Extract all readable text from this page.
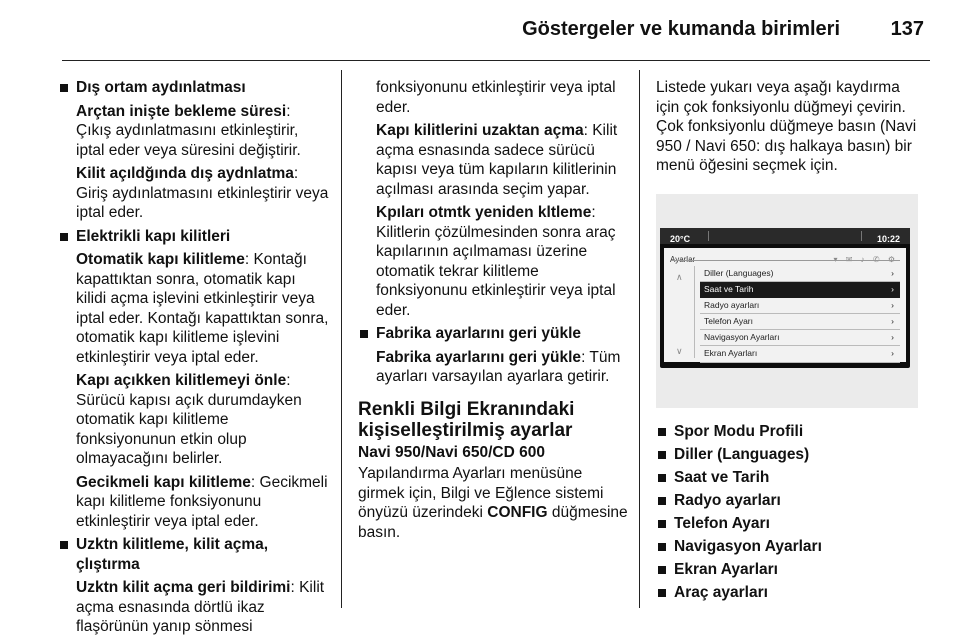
Göstergeler ve kumanda birimleri	137
Dış ortam aydınlatması

Arçtan inişte bekleme süresi: Çıkış aydınlatmasını etkinleştirir, iptal eder veya süresini değiştirir.

Kilit açıldğında dış aydnlatma: Giriş aydınlatmasını etkinleştirir veya iptal eder.

Elektrikli kapı kilitleri

Otomatik kapı kilitleme: Kontağı kapattıktan sonra, otomatik kapı kilidi açma işlevini etkinleştirir veya iptal eder. Kontağı kapattıktan sonra, otomatik kapı kilitleme işlevini etkinleştirir veya iptal eder.

Kapı açıkken kilitlemeyi önle: Sürücü kapısı açık durumdayken otomatik kapı kilitleme fonksiyonunun etkin olup olmayacağını belirler.

Gecikmeli kapı kilitleme: Gecikmeli kapı kilitleme fonksiyonunu etkinleştirir veya iptal eder.

Uzktn kilitleme, kilit açma, çlıştırma

Uzktn kilit açma geri bildirimi: Kilit açma esnasında dörtlü ikaz flaşörünün yanıp sönmesi

fonksiyonunu etkinleştirir veya iptal eder.

Kapı kilitlerini uzaktan açma: Kilit açma esnasında sadece sürücü kapısı veya tüm kapıların kilitlerinin açılması arasında seçim yapar.

Kpıları otmtk yeniden kltleme: Kilitlerin çözülmesinden sonra araç kapılarının açılmaması üzerine otomatik tekrar kilitleme fonksiyonunu etkinleştirir veya iptal eder.

Fabrika ayarlarını geri yükle

Fabrika ayarlarını geri yükle: Tüm ayarları varsayılan ayarlara getirir.

Renkli Bilgi Ekranındaki kişiselleştirilmiş ayarlar
Navi 950/Navi 650/CD 600

Yapılandırma Ayarları menüsüne girmek için, Bilgi ve Eğlence sistemi önyüzü üzerindeki CONFIG düğmesine basın.

Listede yukarı veya aşağı kaydırma için çok fonksiyonlu düğmeyi çevirin. Çok fonksiyonlu düğmeye basın (Navi 950 / Navi 650: dış halkaya basın) bir menü öğesini seçmek için.

20°C	10:22
∧
∨
Diller (Languages)	›
Saat ve Tarih	›
Radyo ayarları	›
Telefon Ayarı	›
Navigasyon Ayarları	›
Ekran Ayarları	›
Spor Modu Profili
Diller (Languages)
Saat ve Tarih
Radyo ayarları
Telefon Ayarı
Navigasyon Ayarları
Ekran Ayarları
Araç ayarları
